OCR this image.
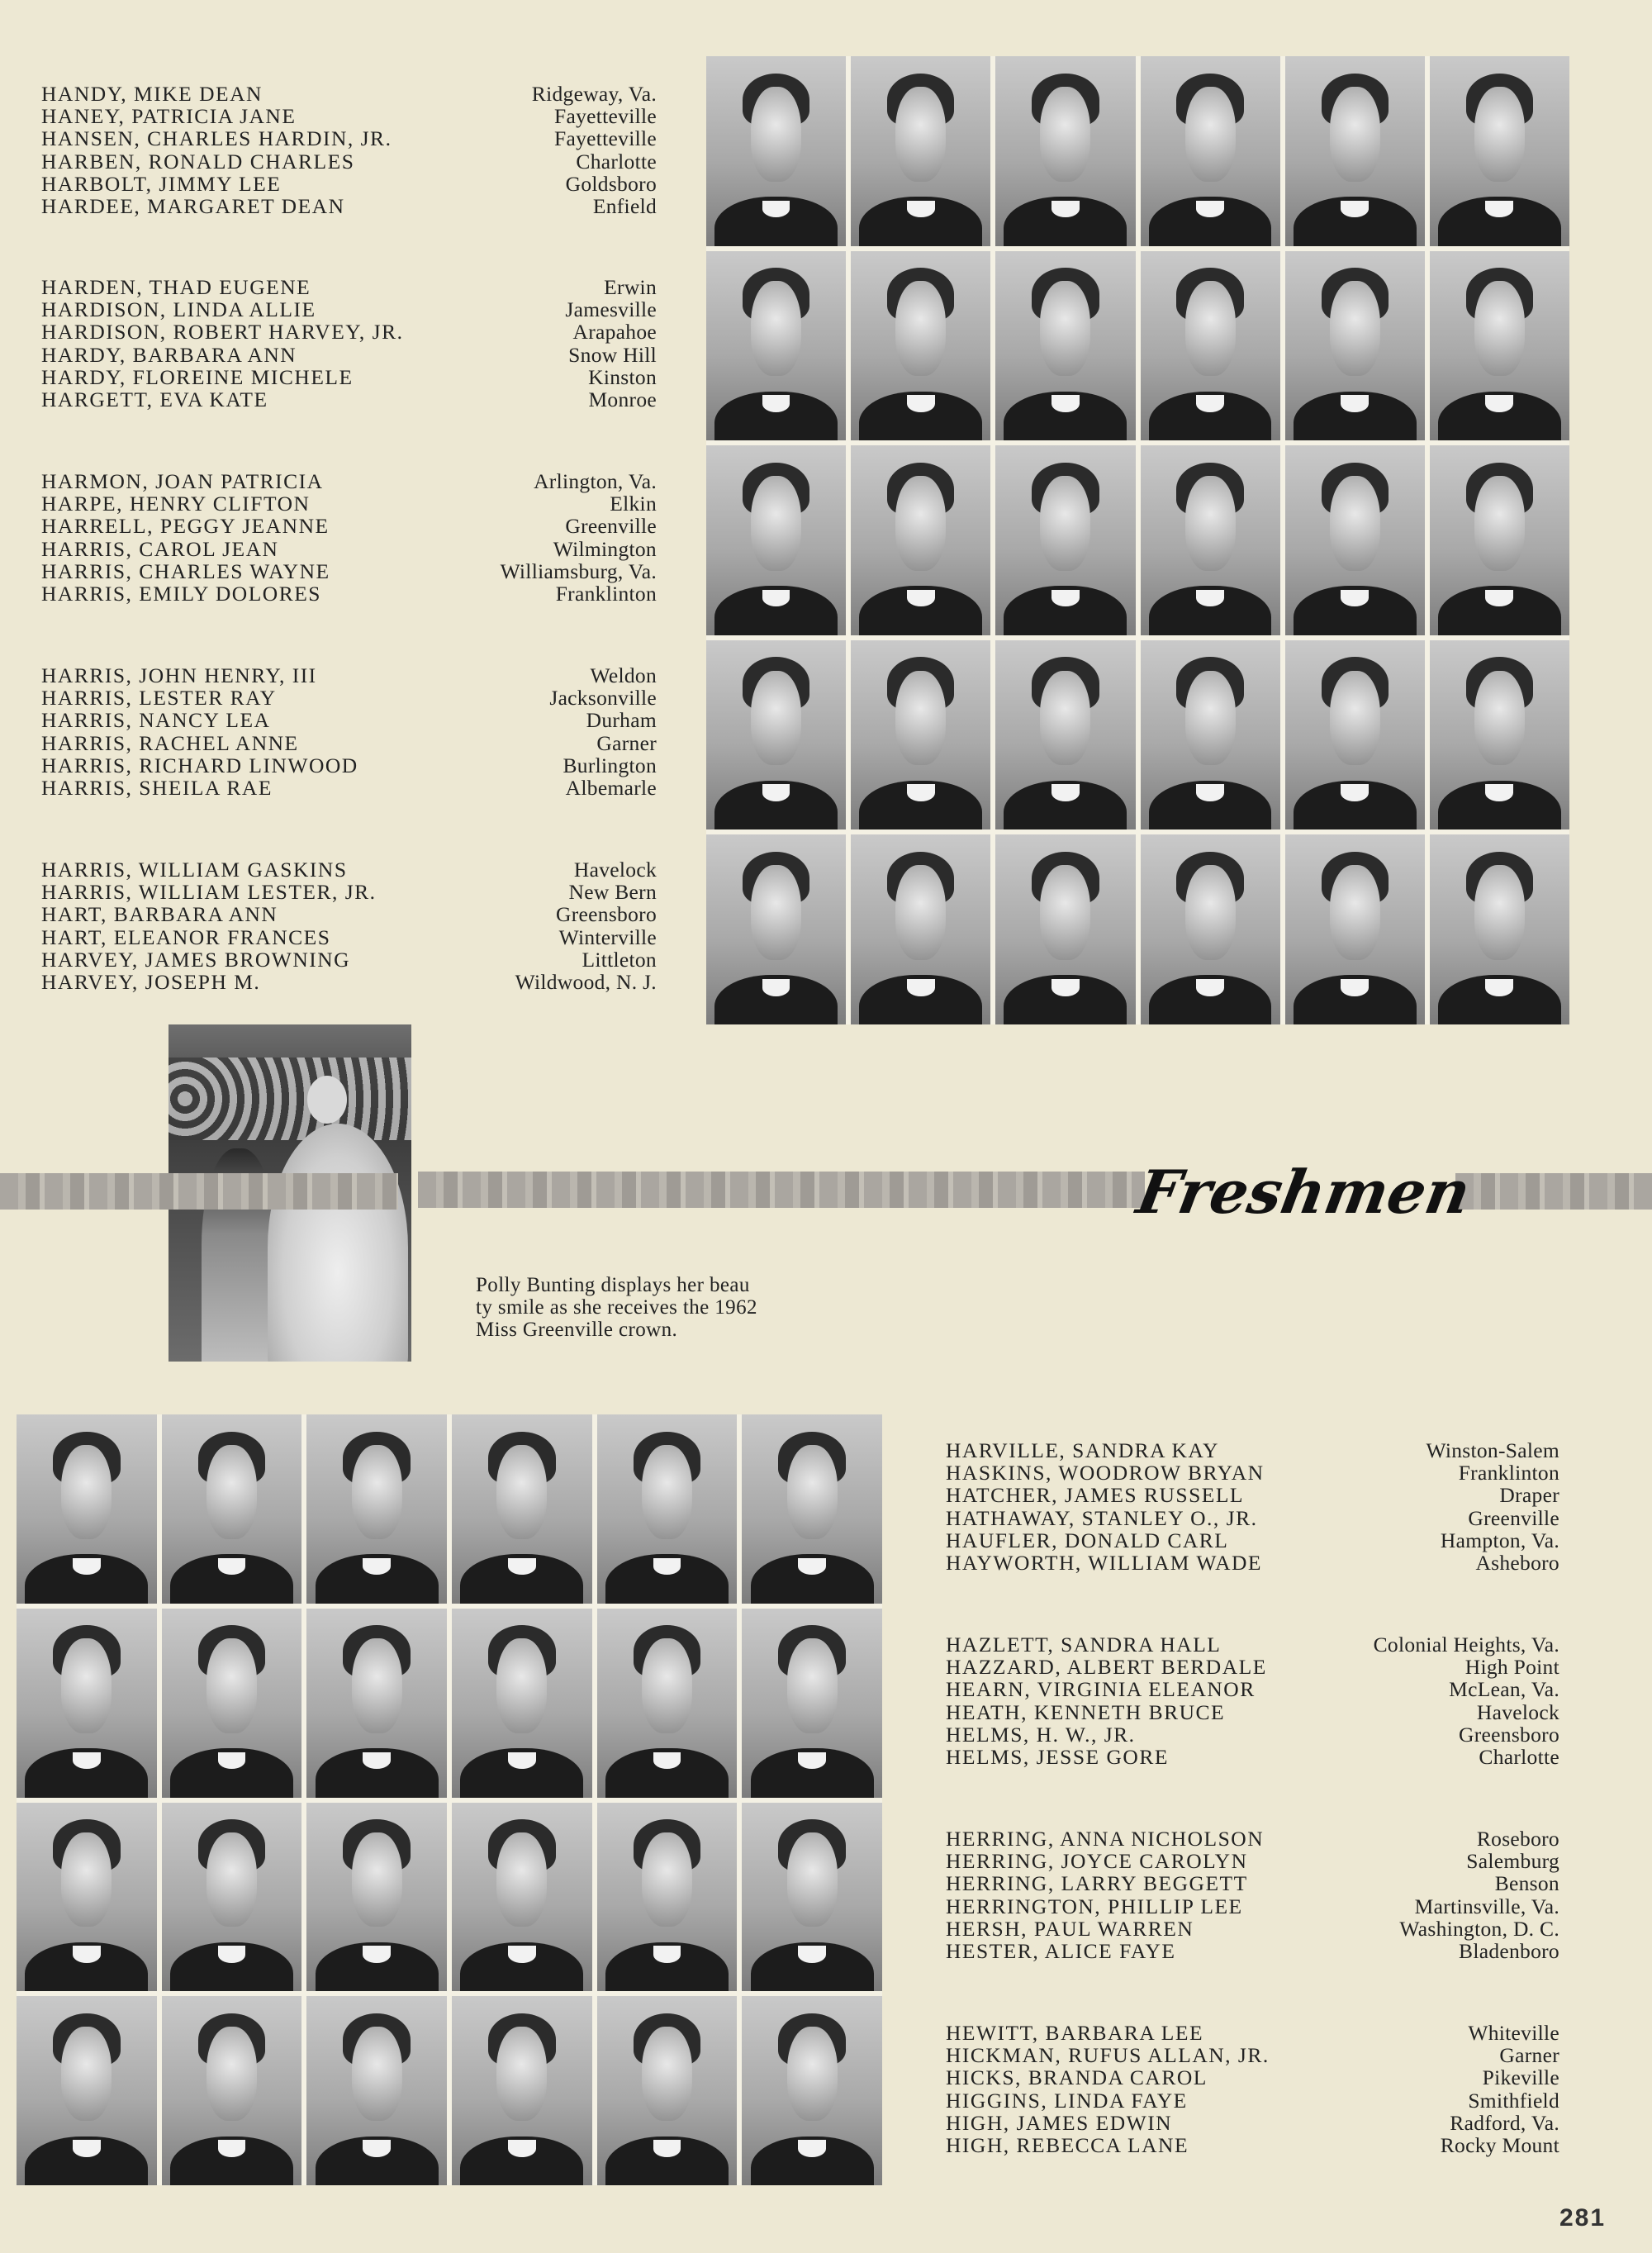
HANDY, MIKE DEAN	Ridgeway, Va.
HANEY, PATRICIA JANE	Fayetteville
HANSEN, CHARLES HARDIN, JR.	Fayetteville
HARBEN, RONALD CHARLES	Charlotte
HARBOLT, JIMMY LEE	Goldsboro
HARDEE, MARGARET DEAN	Enfield
HARDEN, THAD EUGENE	Erwin
HARDISON, LINDA ALLIE	Jamesville
HARDISON, ROBERT HARVEY, JR.	Arapahoe
HARDY, BARBARA ANN	Snow Hill
HARDY, FLOREINE MICHELE	Kinston
HARGETT, EVA KATE	Monroe
HARMON, JOAN PATRICIA	Arlington, Va.
HARPE, HENRY CLIFTON	Elkin
HARRELL, PEGGY JEANNE	Greenville
HARRIS, CAROL JEAN	Wilmington
HARRIS, CHARLES WAYNE	Williamsburg, Va.
HARRIS, EMILY DOLORES	Franklinton
HARRIS, JOHN HENRY, III	Weldon
HARRIS, LESTER RAY	Jacksonville
HARRIS, NANCY LEA	Durham
HARRIS, RACHEL ANNE	Garner
HARRIS, RICHARD LINWOOD	Burlington
HARRIS, SHEILA RAE	Albemarle
HARRIS, WILLIAM GASKINS	Havelock
HARRIS, WILLIAM LESTER, JR.	New Bern
HART, BARBARA ANN	Greensboro
HART, ELEANOR FRANCES	Winterville
HARVEY, JAMES BROWNING	Littleton
HARVEY, JOSEPH M.	Wildwood, N. J.
Freshmen
Polly Bunting displays her beau
ty smile as she receives the 1962
Miss Greenville crown.
HARVILLE, SANDRA KAY	Winston-Salem
HASKINS, WOODROW BRYAN	Franklinton
HATCHER, JAMES RUSSELL	Draper
HATHAWAY, STANLEY O., JR.	Greenville
HAUFLER, DONALD CARL	Hampton, Va.
HAYWORTH, WILLIAM WADE	Asheboro
HAZLETT, SANDRA HALL	Colonial Heights, Va.
HAZZARD, ALBERT BERDALE	High Point
HEARN, VIRGINIA ELEANOR	McLean, Va.
HEATH, KENNETH BRUCE	Havelock
HELMS, H. W., JR.	Greensboro
HELMS, JESSE GORE	Charlotte
HERRING, ANNA NICHOLSON	Roseboro
HERRING, JOYCE CAROLYN	Salemburg
HERRING, LARRY BEGGETT	Benson
HERRINGTON, PHILLIP LEE	Martinsville, Va.
HERSH, PAUL WARREN	Washington, D. C.
HESTER, ALICE FAYE	Bladenboro
HEWITT, BARBARA LEE	Whiteville
HICKMAN, RUFUS ALLAN, JR.	Garner
HICKS, BRANDA CAROL	Pikeville
HIGGINS, LINDA FAYE	Smithfield
HIGH, JAMES EDWIN	Radford, Va.
HIGH, REBECCA LANE	Rocky Mount
281
